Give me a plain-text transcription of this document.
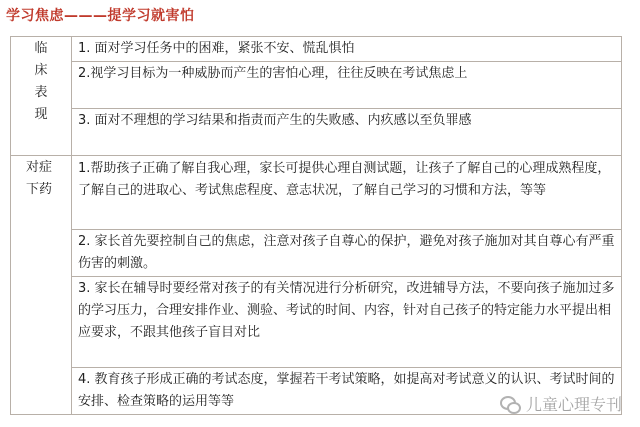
学习焦虑———提学习就害怕
临床表现	1. 面对学习任务中的困难，紧张不安、慌乱惧怕
	2.视学习目标为一种威胁而产生的害怕心理，往往反映在考试焦虑上
	3. 面对不理想的学习结果和指责而产生的失败感、内疚感以至负罪感
对症下药	1.帮助孩子正确了解自我心理，家长可提供心理自测试题，让孩子了解自己的心理成熟程度，了解自己的进取心、考试焦虑程度、意志状况，了解自己学习的习惯和方法，等等
	2. 家长首先要控制自己的焦虑，注意对孩子自尊心的保护，避免对孩子施加对其自尊心有严重伤害的刺激。
	3. 家长在辅导时要经常对孩子的有关情况进行分析研究，改进辅导方法，不要向孩子施加过多的学习压力，合理安排作业、测验、考试的时间、内容，针对自己孩子的特定能力水平提出相应要求，不跟其他孩子盲目对比
	4. 教育孩子形成正确的考试态度，掌握若干考试策略，如提高对考试意义的认识、考试时间的安排、检查策略的运用等等	儿童心理专刊
